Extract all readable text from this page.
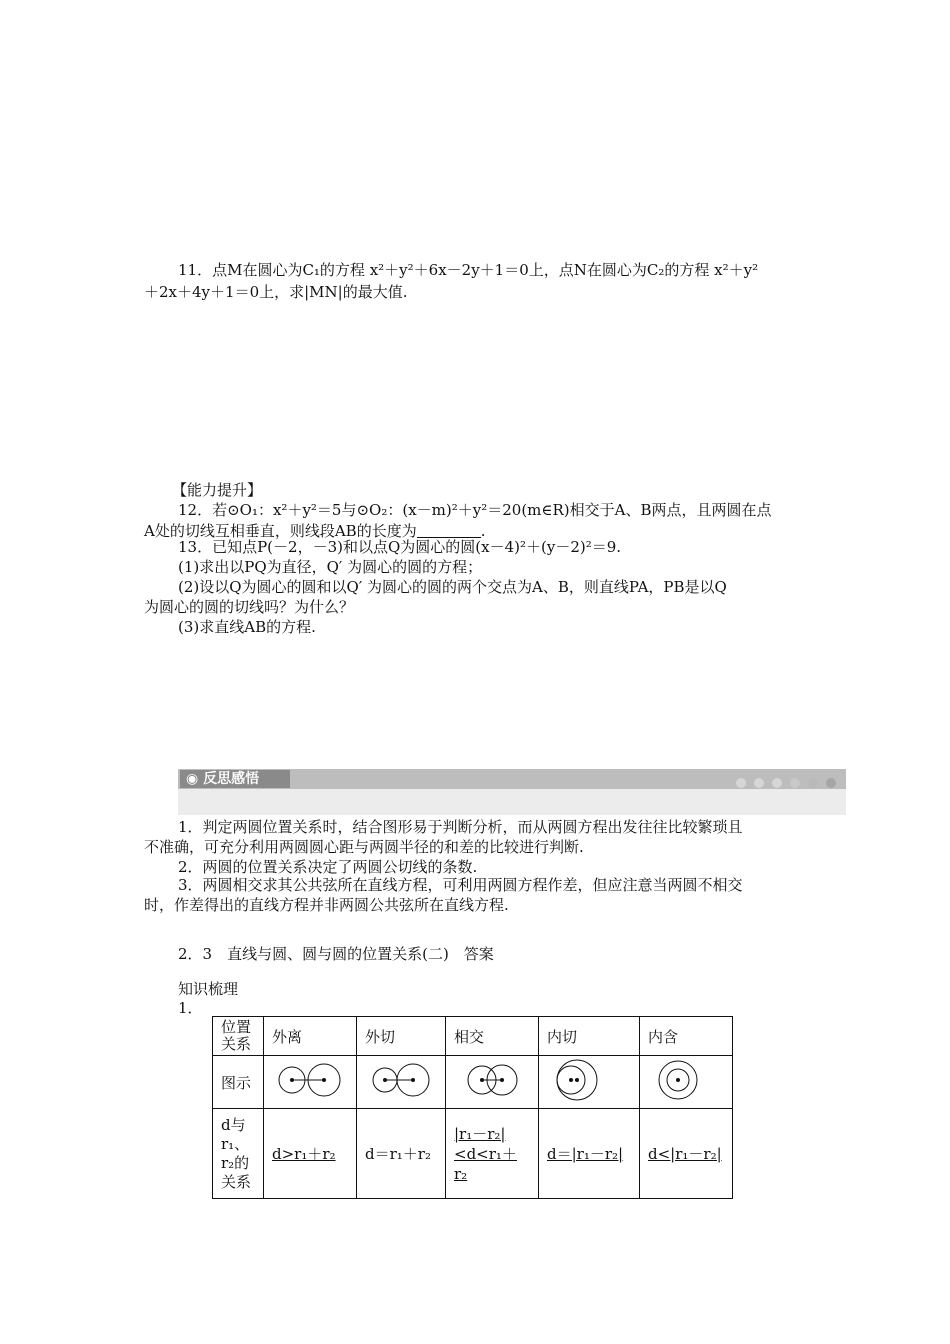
11．点M在圆心为C₁的方程 x²＋y²＋6x－2y＋1＝0上，点N在圆心为C₂的方程 x²＋y²
＋2x＋4y＋1＝0上，求|MN|的最大值.
【能力提升】
12．若⊙O₁：x²＋y²＝5与⊙O₂：(x－m)²＋y²＝20(m∈R)相交于A、B两点，且两圆在点
A处的切线互相垂直，则线段AB的长度为	.
13．已知点P(－2，－3)和以点Q为圆心的圆(x－4)²＋(y－2)²＝9.
(1)求出以PQ为直径，Q′ 为圆心的圆的方程；
(2)设以Q为圆心的圆和以Q′ 为圆心的圆的两个交点为A、B，则直线PA，PB是以Q
为圆心的圆的切线吗？为什么？
(3)求直线AB的方程.
◉ 反思感悟
1．判定两圆位置关系时，结合图形易于判断分析，而从两圆方程出发往往比较繁琐且
不准确，可充分利用两圆圆心距与两圆半径的和差的比较进行判断.
2．两圆的位置关系决定了两圆公切线的条数.
3．两圆相交求其公共弦所在直线方程，可利用两圆方程作差，但应注意当两圆不相交
时，作差得出的直线方程并非两圆公共弦所在直线方程.
2．3　直线与圆、圆与圆的位置关系(二)　答案
知识梳理
1．
位置关系	外离	外切	相交	内切	内含
图示					
d与r₁、r₂的关系	d>r₁＋r₂	d＝r₁＋r₂	|r₁－r₂|<d<r₁＋r₂	d＝|r₁－r₂|	d<|r₁－r₂|
